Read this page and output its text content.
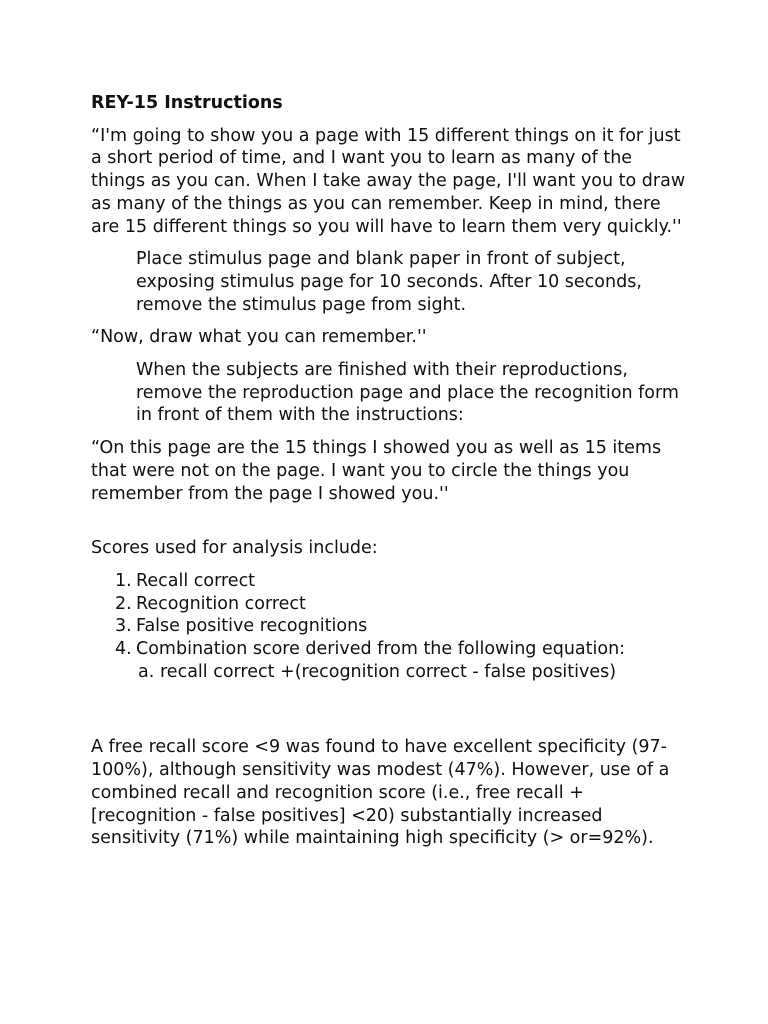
REY-15 Instructions

“I'm going to show you a page with 15 different things on it for just a short period of time, and I want you to learn as many of the things as you can. When I take away the page, I'll want you to draw as many of the things as you can remember. Keep in mind, there are 15 different things so you will have to learn them very quickly.''

Place stimulus page and blank paper in front of subject, exposing stimulus page for 10 seconds. After 10 seconds, remove the stimulus page from sight.

“Now, draw what you can remember.''

When the subjects are finished with their reproductions, remove the reproduction page and place the recognition form in front of them with the instructions:

“On this page are the 15 things I showed you as well as 15 items that were not on the page. I want you to circle the things you remember from the page I showed you.''

Scores used for analysis include:

1. Recall correct
2. Recognition correct
3. False positive recognitions
4. Combination score derived from the following equation:
a. recall correct +(recognition correct - false positives)

A free recall score <9 was found to have excellent specificity (97-100%), although sensitivity was modest (47%). However, use of a combined recall and recognition score (i.e., free recall + [recognition - false positives] <20) substantially increased sensitivity (71%) while maintaining high specificity (> or=92%).
